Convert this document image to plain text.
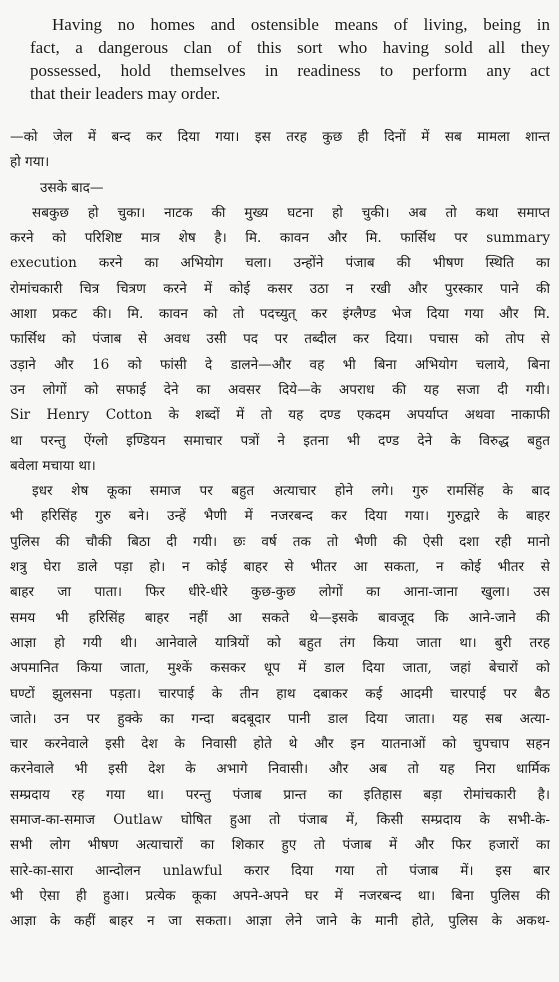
Having no homes and ostensible means of living, being in
fact, a dangerous clan of this sort who having sold all they
possessed, hold themselves in readiness to perform any act
that their leaders may order.
—को जेल में बन्द कर दिया गया। इस तरह कुछ ही दिनों में सब मामला शान्त
हो गया।
उसके बाद—
सबकुछ हो चुका। नाटक की मुख्य घटना हो चुकी। अब तो कथा समाप्त
करने को परिशिष्ट मात्र शेष है। मि. कावन और मि. फार्सिथ पर summary
execution करने का अभियोग चला। उन्होंने पंजाब की भीषण स्थिति का
रोमांचकारी चित्र चित्रण करने में कोई कसर उठा न रखी और पुरस्कार पाने की
आशा प्रकट की। मि. कावन को तो पदच्युत् कर इंग्लैण्ड भेज दिया गया और मि.
फार्सिथ को पंजाब से अवध उसी पद पर तब्दील कर दिया। पचास को तोप से
उड़ाने और 16 को फांसी दे डालने—और वह भी बिना अभियोग चलाये, बिना
उन लोगों को सफाई देने का अवसर दिये—के अपराध की यह सजा दी गयी।
Sir Henry Cotton के शब्दों में तो यह दण्ड एकदम अपर्याप्त अथवा नाकाफी
था परन्तु ऐंग्लो इण्डियन समाचार पत्रों ने इतना भी दण्ड देने के विरुद्ध बहुत
बवेला मचाया था।
इधर शेष कूका समाज पर बहुत अत्याचार होने लगे। गुरु रामसिंह के बाद
भी हरिसिंह गुरु बने। उन्हें भैणी में नजरबन्द कर दिया गया। गुरुद्वारे के बाहर
पुलिस की चौकी बिठा दी गयी। छः वर्ष तक तो भैणी की ऐसी दशा रही मानो
शत्रु घेरा डाले पड़ा हो। न कोई बाहर से भीतर आ सकता, न कोई भीतर से
बाहर जा पाता। फिर धीरे-धीरे कुछ-कुछ लोगों का आना-जाना खुला। उस
समय भी हरिसिंह बाहर नहीं आ सकते थे—इसके बावजूद कि आने-जाने की
आज्ञा हो गयी थी। आनेवाले यात्रियों को बहुत तंग किया जाता था। बुरी तरह
अपमानित किया जाता, मुश्कें कसकर धूप में डाल दिया जाता, जहां बेचारों को
घण्टों झुलसना पड़ता। चारपाई के तीन हाथ दबाकर कई आदमी चारपाई पर बैठ
जाते। उन पर हुक्के का गन्दा बदबूदार पानी डाल दिया जाता। यह सब अत्या-
चार करनेवाले इसी देश के निवासी होते थे और इन यातनाओं को चुपचाप सहन
करनेवाले भी इसी देश के अभागे निवासी। और अब तो यह निरा धार्मिक
सम्प्रदाय रह गया था। परन्तु पंजाब प्रान्त का इतिहास बड़ा रोमांचकारी है।
समाज-का-समाज Outlaw घोषित हुआ तो पंजाब में, किसी सम्प्रदाय के सभी-के-
सभी लोग भीषण अत्याचारों का शिकार हुए तो पंजाब में और फिर हजारों का
सारे-का-सारा आन्दोलन unlawful करार दिया गया तो पंजाब में। इस बार
भी ऐसा ही हुआ। प्रत्येक कूका अपने-अपने घर में नजरबन्द था। बिना पुलिस की
आज्ञा के कहीं बाहर न जा सकता। आज्ञा लेने जाने के मानी होते, पुलिस के अकथ-
